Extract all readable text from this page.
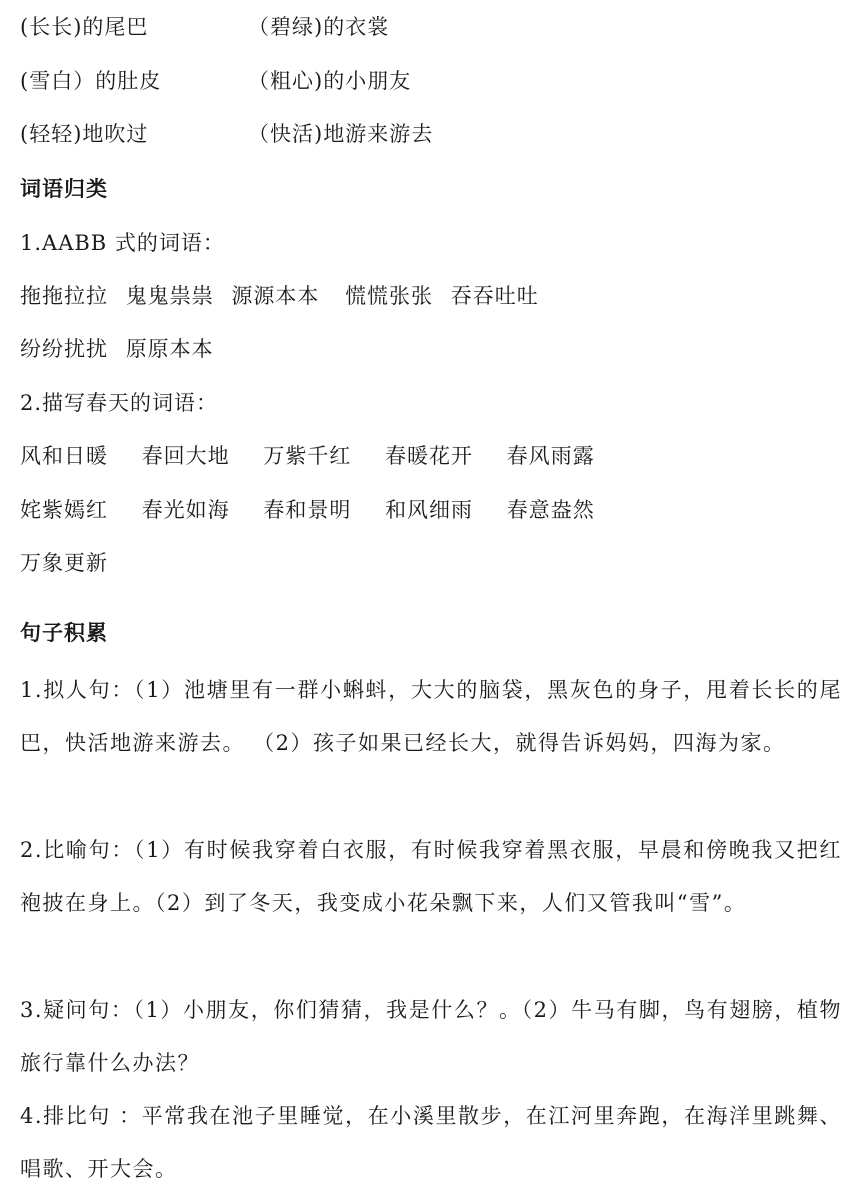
(长长)的尾巴	（碧绿)的衣裳
(雪白）的肚皮	（粗心)的小朋友
(轻轻)地吹过	（快活)地游来游去
词语归类
1.AABB 式的词语：
拖拖拉拉 鬼鬼祟祟 源源本本 慌慌张张 吞吞吐吐
纷纷扰扰 原原本本
2.描写春天的词语：
风和日暖 春回大地 万紫千红 春暖花开 春风雨露
姹紫嫣红 春光如海 春和景明 和风细雨 春意盎然
万象更新
句子积累
1.拟人句：（1）池塘里有一群小蝌蚪，大大的脑袋，黑灰色的身子，甩着长长的尾巴，快活地游来游去。 （2）孩子如果已经长大，就得告诉妈妈，四海为家。
2.比喻句：（1）有时候我穿着白衣服，有时候我穿着黑衣服，早晨和傍晚我又把红袍披在身上。（2）到了冬天，我变成小花朵飘下来，人们又管我叫“雪”。
3.疑问句：（1）小朋友，你们猜猜，我是什么？。（2）牛马有脚，鸟有翅膀，植物旅行靠什么办法？
4.排比句 ：平常我在池子里睡觉，在小溪里散步，在江河里奔跑，在海洋里跳舞、唱歌、开大会。
